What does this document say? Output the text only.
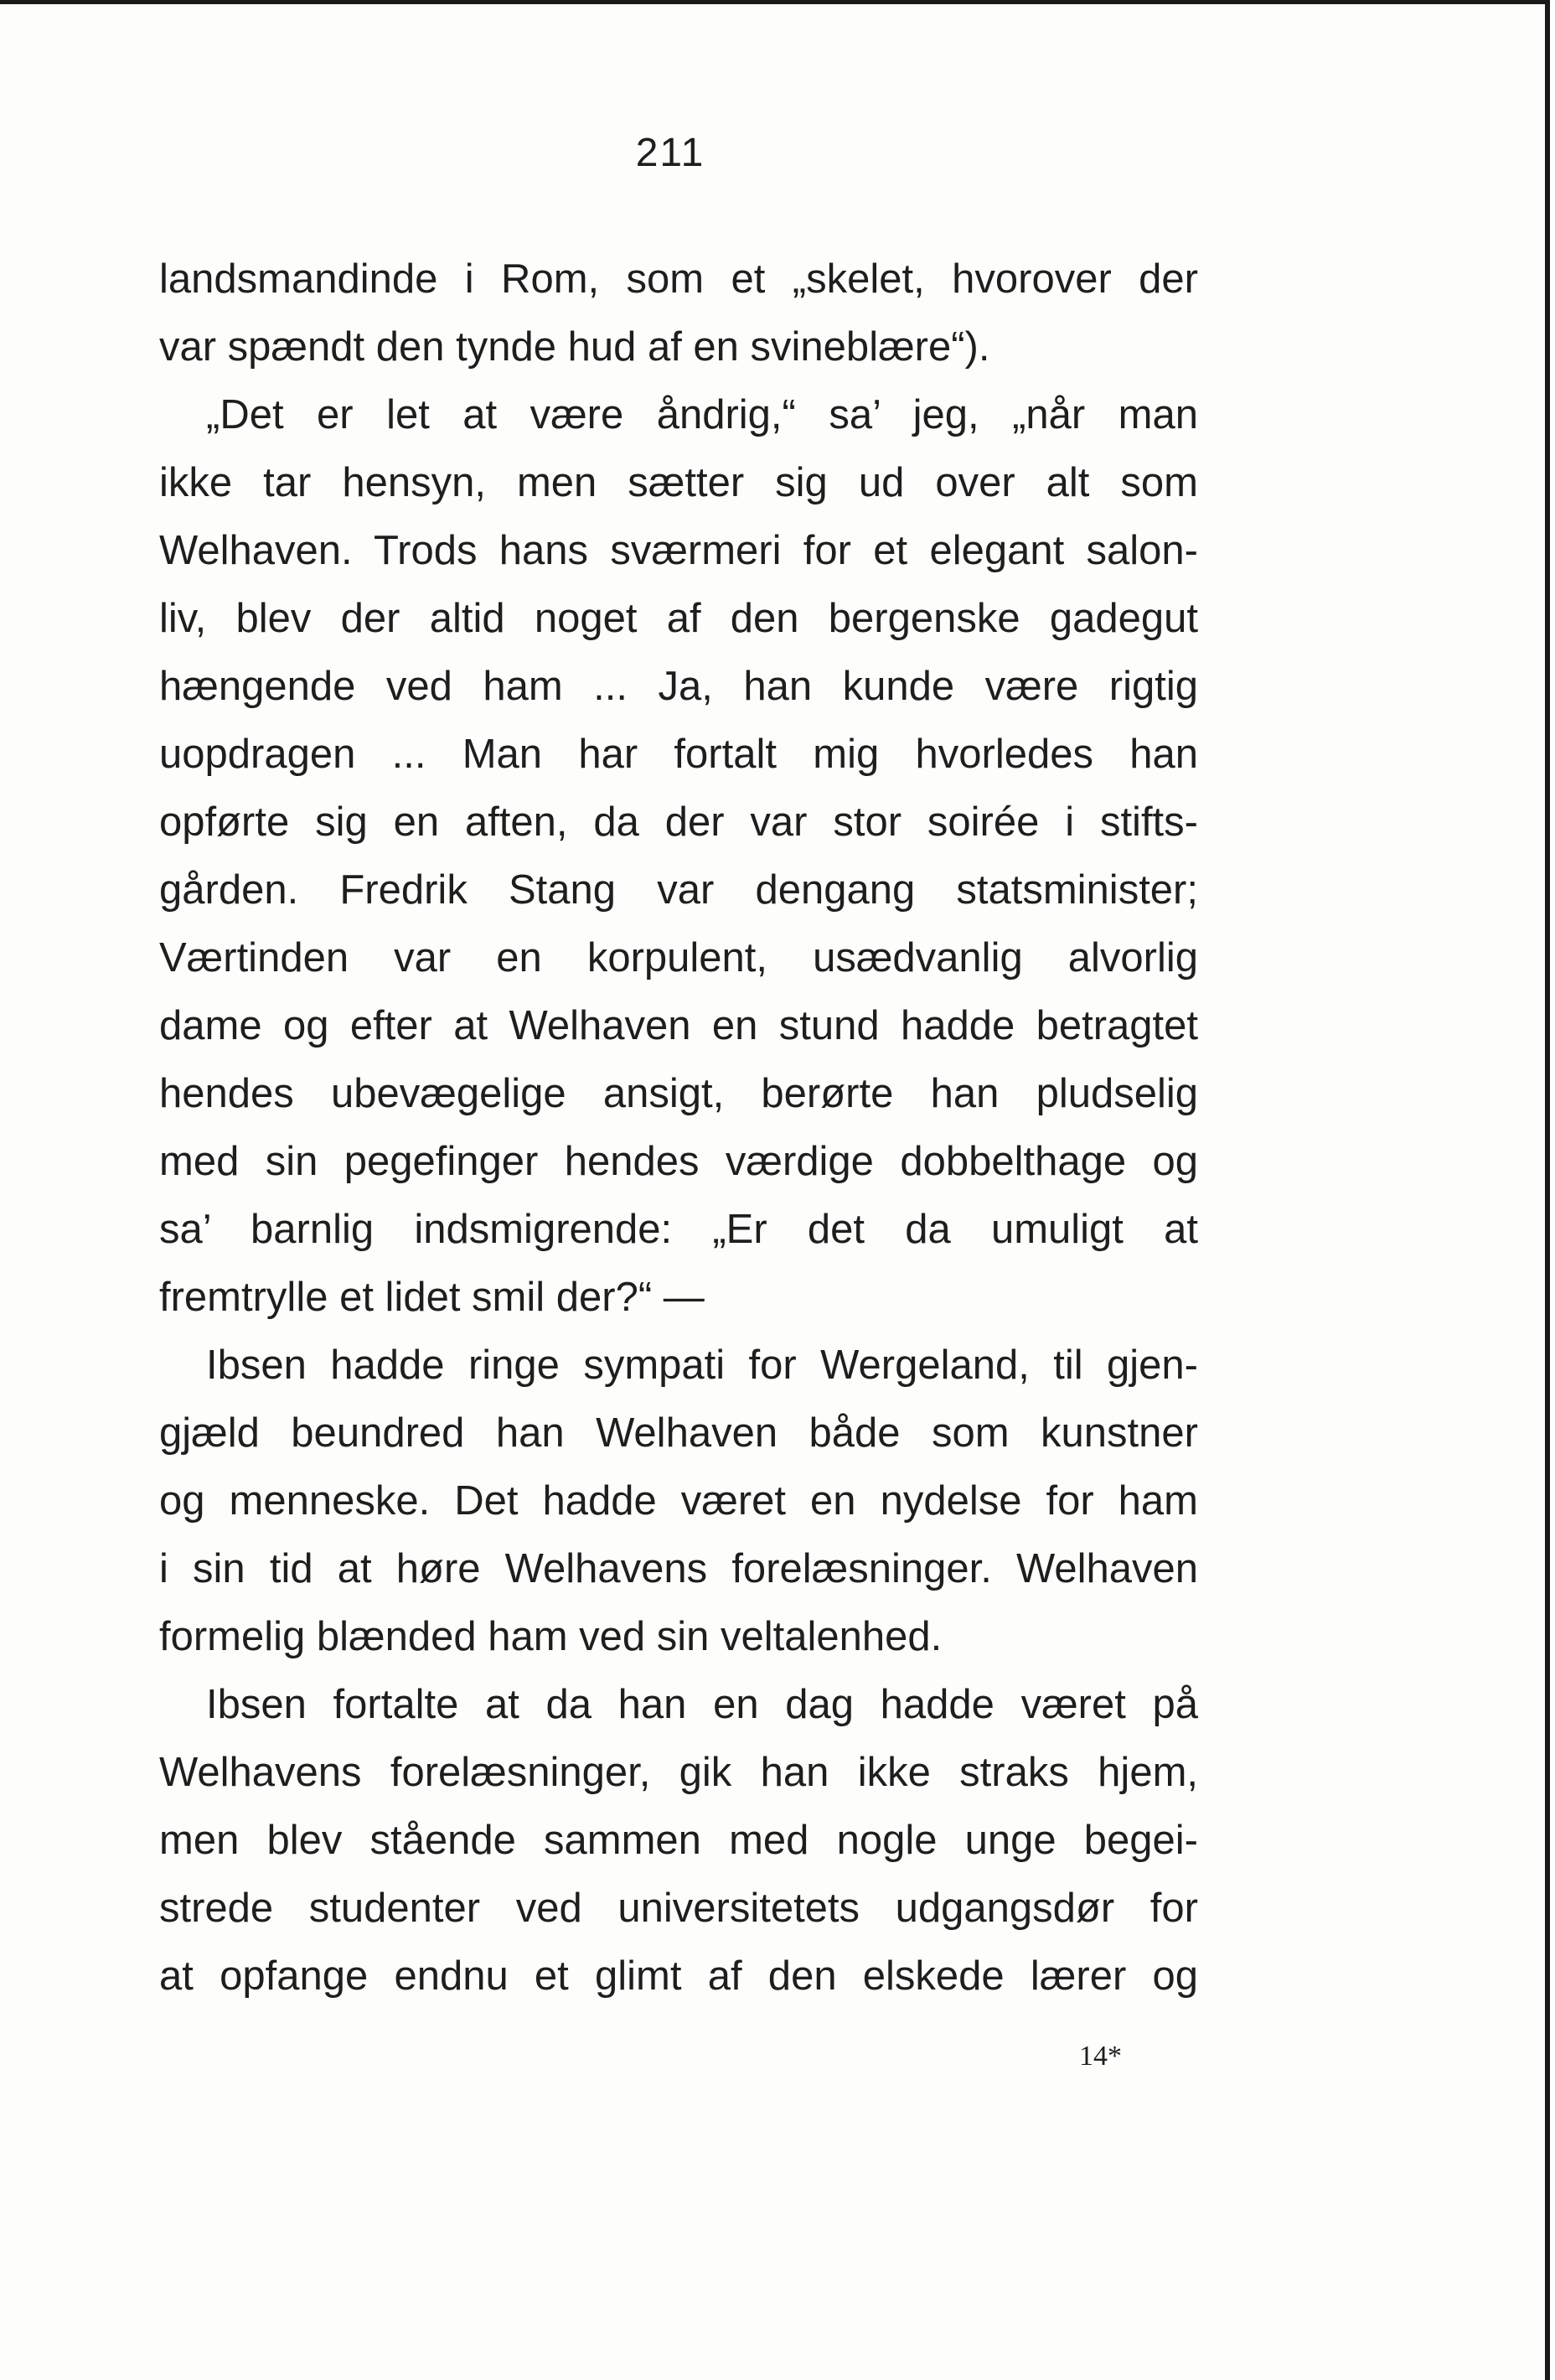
211
landsmandinde i Rom, som et „skelet, hvorover der
var spændt den tynde hud af en svineblære“).
„Det er let at være åndrig,“ sa’ jeg, „når man
ikke tar hensyn, men sætter sig ud over alt som
Welhaven. Trods hans sværmeri for et elegant salon-
liv, blev der altid noget af den bergenske gadegut
hængende ved ham ... Ja, han kunde være rigtig
uopdragen ... Man har fortalt mig hvorledes han
opførte sig en aften, da der var stor soirée i stifts-
gården. Fredrik Stang var dengang statsminister;
Værtinden var en korpulent, usædvanlig alvorlig
dame og efter at Welhaven en stund hadde betragtet
hendes ubevægelige ansigt, berørte han pludselig
med sin pegefinger hendes værdige dobbelthage og
sa’ barnlig indsmigrende: „Er det da umuligt at
fremtrylle et lidet smil der?“ —
Ibsen hadde ringe sympati for Wergeland, til gjen-
gjæld beundred han Welhaven både som kunstner
og menneske. Det hadde været en nydelse for ham
i sin tid at høre Welhavens forelæsninger. Welhaven
formelig blænded ham ved sin veltalenhed.
Ibsen fortalte at da han en dag hadde været på
Welhavens forelæsninger, gik han ikke straks hjem,
men blev stående sammen med nogle unge begei-
strede studenter ved universitetets udgangsdør for
at opfange endnu et glimt af den elskede lærer og
14*
